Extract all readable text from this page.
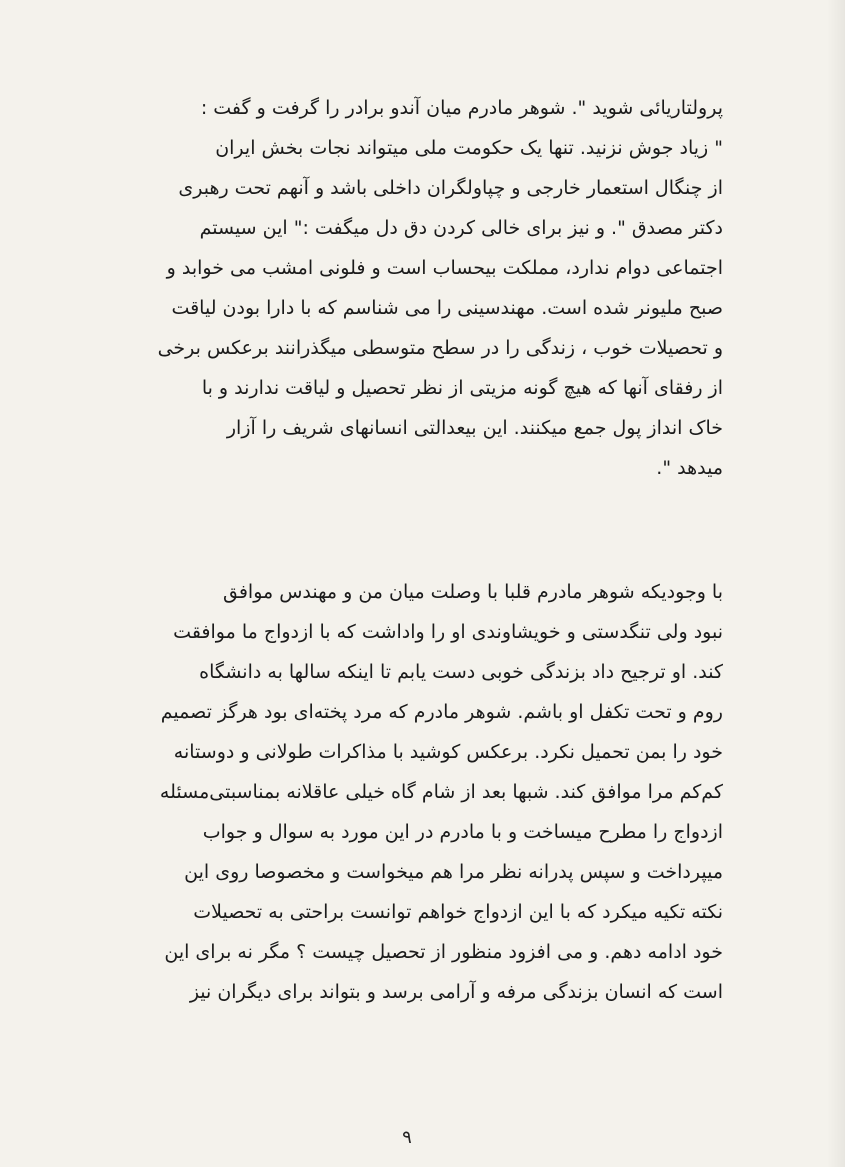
پرولتاریائی شوید ". شوهر مادرم میان آندو برادر را گرفت و گفت :
" زیاد جوش نزنید. تنها یک حکومت ملی میتواند نجات بخش ایران
از چنگال استعمار خارجی و چپاولگران داخلی باشد و آنهم تحت رهبری
دکتر مصدق ". و نیز برای خالی کردن دق دل میگفت :" این سیستم
اجتماعی دوام ندارد، مملکت بیحساب است و فلونی امشب می خوابد و
صبح ملیونر شده است. مهندسینی را می شناسم که با دارا بودن لیاقت
و تحصیلات خوب ، زندگی را در سطح متوسطی میگذرانند برعکس برخی
از رفقای آنها که هیچ گونه مزیتی از نظر تحصیل و لیاقت ندارند و با
خاک انداز پول جمع میکنند. این بیعدالتی انسانهای شریف را آزار
میدهد ".
با وجودیکه شوهر مادرم قلبا با وصلت میان من و مهندس موافق
نبود ولی تنگدستی و خویشاوندی او را واداشت که با ازدواج ما موافقت
کند. او ترجیح داد بزندگی خوبی دست یابم تا اینکه سالها به دانشگاه
روم و تحت تکفل او باشم. شوهر مادرم که مرد پخته‌ای بود هرگز تصمیم
خود را بمن تحمیل نکرد. برعکس کوشید با مذاکرات طولانی و دوستانه
کم‌کم مرا موافق کند. شبها بعد از شام گاه خیلی عاقلانه بمناسبتی‌مسئله
ازدواج را مطرح میساخت و با مادرم در این مورد به سوال و جواب
میپرداخت و سپس پدرانه نظر مرا هم میخواست و مخصوصا روی این
نکته تکیه میکرد که با این ازدواج خواهم توانست براحتی به تحصیلات
خود ادامه دهم. و می افزود منظور از تحصیل چیست ؟ مگر نه برای این
است که انسان بزندگی مرفه و آرامی برسد و بتواند برای دیگران نیز
۹
